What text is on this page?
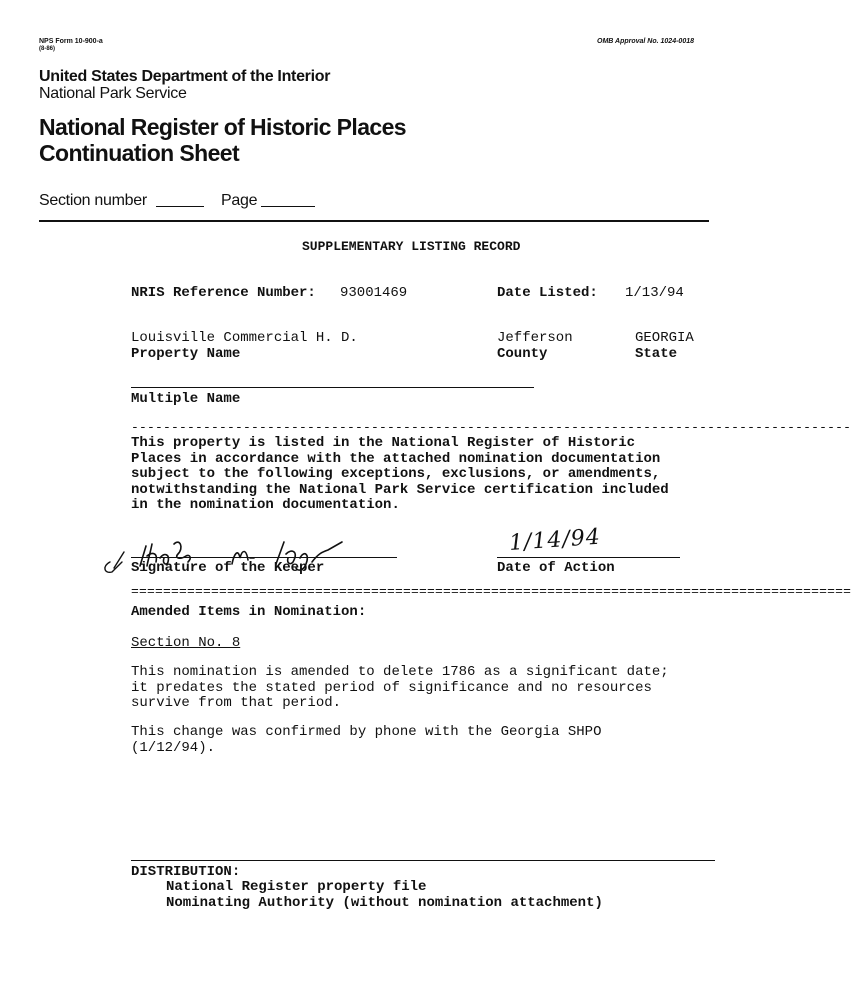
NPS Form 10-900-a
(8-86)
OMB Approval No. 1024-0018
United States Department of the Interior
National Park Service
National Register of Historic Places
Continuation Sheet
Section number	Page
SUPPLEMENTARY LISTING RECORD
NRIS Reference Number: 93001469	Date Listed: 1/13/94
Louisville Commercial H. D.
Property Name
Jefferson
County
GEORGIA
State
Multiple Name
------------------------------------------------------------------------------------------
This property is listed in the National Register of Historic
Places in accordance with the attached nomination documentation
subject to the following exceptions, exclusions, or amendments,
notwithstanding the National Park Service certification included
in the nomination documentation.
Signature of the Keeper
1/14/94
Date of Action
==========================================================================================
Amended Items in Nomination:
Section No. 8
This nomination is amended to delete 1786 as a significant date;
it predates the stated period of significance and no resources
survive from that period.
This change was confirmed by phone with the Georgia SHPO
(1/12/94).
DISTRIBUTION:
National Register property file
Nominating Authority (without nomination attachment)
